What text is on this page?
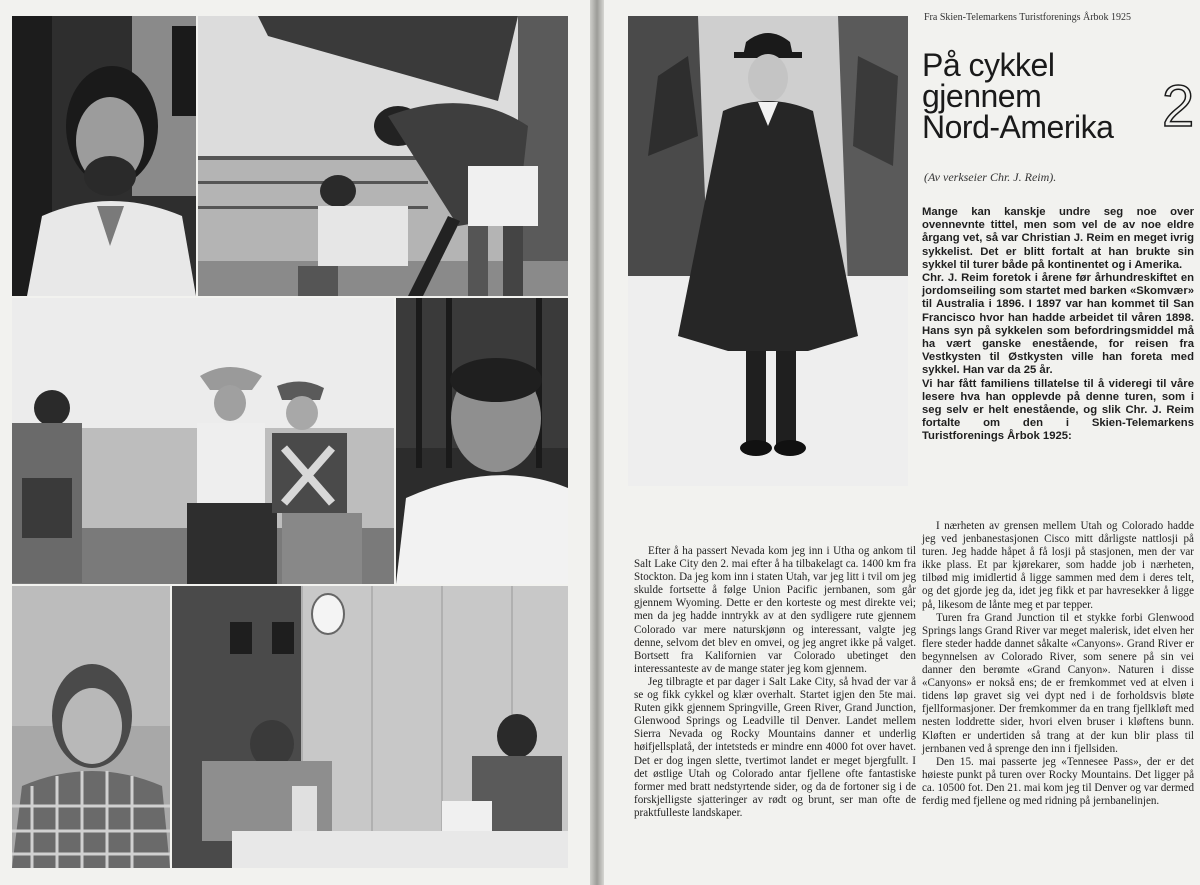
Fra Skien-Telemarkens Turistforenings Årbok 1925
På cykkel
gjennem
Nord-Amerika 2
(Av verkseier Chr. J. Reim).

Mange kan kanskje undre seg noe over ovennevnte tittel, men som vel de av noe eldre årgang vet, så var Christian J. Reim en meget ivrig sykkelist. Det er blitt fortalt at han brukte sin sykkel til turer både på kontinentet og i Amerika.

Chr. J. Reim foretok i årene før århundreskiftet en jordomseiling som startet med barken «Skomvær» til Australia i 1896. I 1897 var han kommet til San Francisco hvor han hadde arbeidet til våren 1898. Hans syn på sykkelen som befordringsmiddel må ha vært ganske enestående, for reisen fra Vestkysten til Østkysten ville han foreta med sykkel. Han var da 25 år.

Vi har fått familiens tillatelse til å videregi til våre lesere hva han opplevde på denne turen, som i seg selv er helt enestående, og slik Chr. J. Reim fortalte om den i Skien-Telemarkens Turistforenings Årbok 1925:

Efter å ha passert Nevada kom jeg inn i Utha og ankom til Salt Lake City den 2. mai efter å ha tilbakelagt ca. 1400 km fra Stockton. Da jeg kom inn i staten Utah, var jeg litt i tvil om jeg skulde fortsette å følge Union Pacific jernbanen, som går gjennem Wyoming. Dette er den korteste og mest direkte vei; men da jeg hadde inntrykk av at den sydligere rute gjennem Colorado var mere naturskjønn og interessant, valgte jeg denne, selvom det blev en omvei, og jeg angret ikke på valget. Bortsett fra Kalifornien var Colorado ubetinget den interessanteste av de mange stater jeg kom gjennem.

Jeg tilbragte et par dager i Salt Lake City, så hvad der var å se og fikk cykkel og klær overhalt. Startet igjen den 5te mai. Ruten gikk gjennem Springville, Green River, Grand Junction, Glenwood Springs og Leadville til Denver. Landet mellem Sierra Nevada og Rocky Mountains danner et underlig høifjellsplatå, der intetsteds er mindre enn 4000 fot over havet. Det er dog ingen slette, tvertimot landet er meget bjergfullt. I det østlige Utah og Colorado antar fjellene ofte fantastiske former med bratt nedstyrtende sider, og da de fortoner sig i de forskjelligste sjatteringer av rødt og brunt, ser man ofte de praktfulleste landskaper.

I nærheten av grensen mellem Utah og Colorado hadde jeg ved jenbanestasjonen Cisco mitt dårligste nattlosji på turen. Jeg hadde håpet å få losji på stasjonen, men der var ikke plass. Et par kjørekarer, som hadde job i nærheten, tilbød mig imidlertid å ligge sammen med dem i deres telt, og det gjorde jeg da, idet jeg fikk et par havresekker å ligge på, likesom de lånte meg et par tepper.

Turen fra Grand Junction til et stykke forbi Glenwood Springs langs Grand River var meget malerisk, idet elven her flere steder hadde dannet såkalte «Canyons». Grand River er begynnelsen av Colorado River, som senere på sin vei danner den berømte «Grand Canyon». Naturen i disse «Canyons» er nokså ens; de er fremkommet ved at elven i tidens løp gravet sig vei dypt ned i de forholdsvis bløte fjellformasjoner. Der fremkommer da en trang fjellkløft med nesten loddrette sider, hvori elven bruser i kløftens bunn. Kløften er undertiden så trang at der kun blir plass til jernbanen ved å sprenge den inn i fjellsiden.

Den 15. mai passerte jeg «Tennesee Pass», der er det høieste punkt på turen over Rocky Mountains. Det ligger på ca. 10500 fot. Den 21. mai kom jeg til Denver og var dermed ferdig med fjellene og med ridning på jernbanelinjen.
